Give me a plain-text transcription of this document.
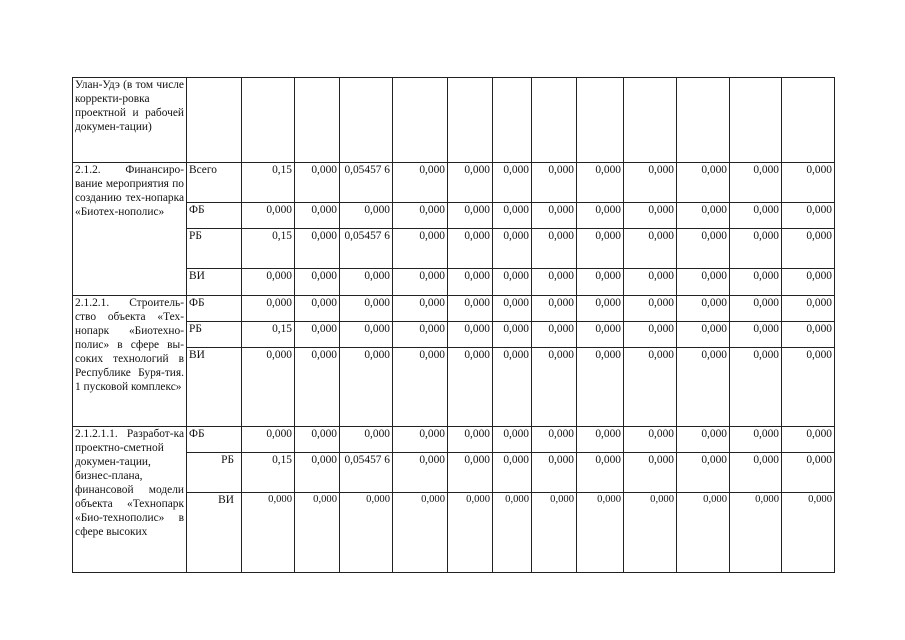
Улан-Удэ (в том числе корректи-ровка проектной и рабочей докумен-тации)													
2.1.2. Финансиро-вание мероприятия по созданию тех-нопарка «Биотех-нополис»	Всего	0,15	0,000	0,05457 6	0,000	0,000	0,000	0,000	0,000	0,000	0,000	0,000	0,000
	ФБ	0,000	0,000	0,000	0,000	0,000	0,000	0,000	0,000	0,000	0,000	0,000	0,000
	РБ	0,15	0,000	0,05457 6	0,000	0,000	0,000	0,000	0,000	0,000	0,000	0,000	0,000
	ВИ	0,000	0,000	0,000	0,000	0,000	0,000	0,000	0,000	0,000	0,000	0,000	0,000
2.1.2.1. Строитель-ство объекта «Тех-нопарк «Биотехно-полис» в сфере вы-соких технологий в Республике Буря-тия. 1 пусковой комплекс»	ФБ	0,000	0,000	0,000	0,000	0,000	0,000	0,000	0,000	0,000	0,000	0,000	0,000
	РБ	0,15	0,000	0,000	0,000	0,000	0,000	0,000	0,000	0,000	0,000	0,000	0,000
	ВИ	0,000	0,000	0,000	0,000	0,000	0,000	0,000	0,000	0,000	0,000	0,000	0,000
2.1.2.1.1. Разработ-ка проектно-сметной докумен-тации, бизнес-плана, финансовой модели объекта «Технопарк «Био-технополис» в сфере высоких	ФБ	0,000	0,000	0,000	0,000	0,000	0,000	0,000	0,000	0,000	0,000	0,000	0,000
	РБ	0,15	0,000	0,05457 6	0,000	0,000	0,000	0,000	0,000	0,000	0,000	0,000	0,000
	ВИ	0,000	0,000	0,000	0,000	0,000	0,000	0,000	0,000	0,000	0,000	0,000	0,000
